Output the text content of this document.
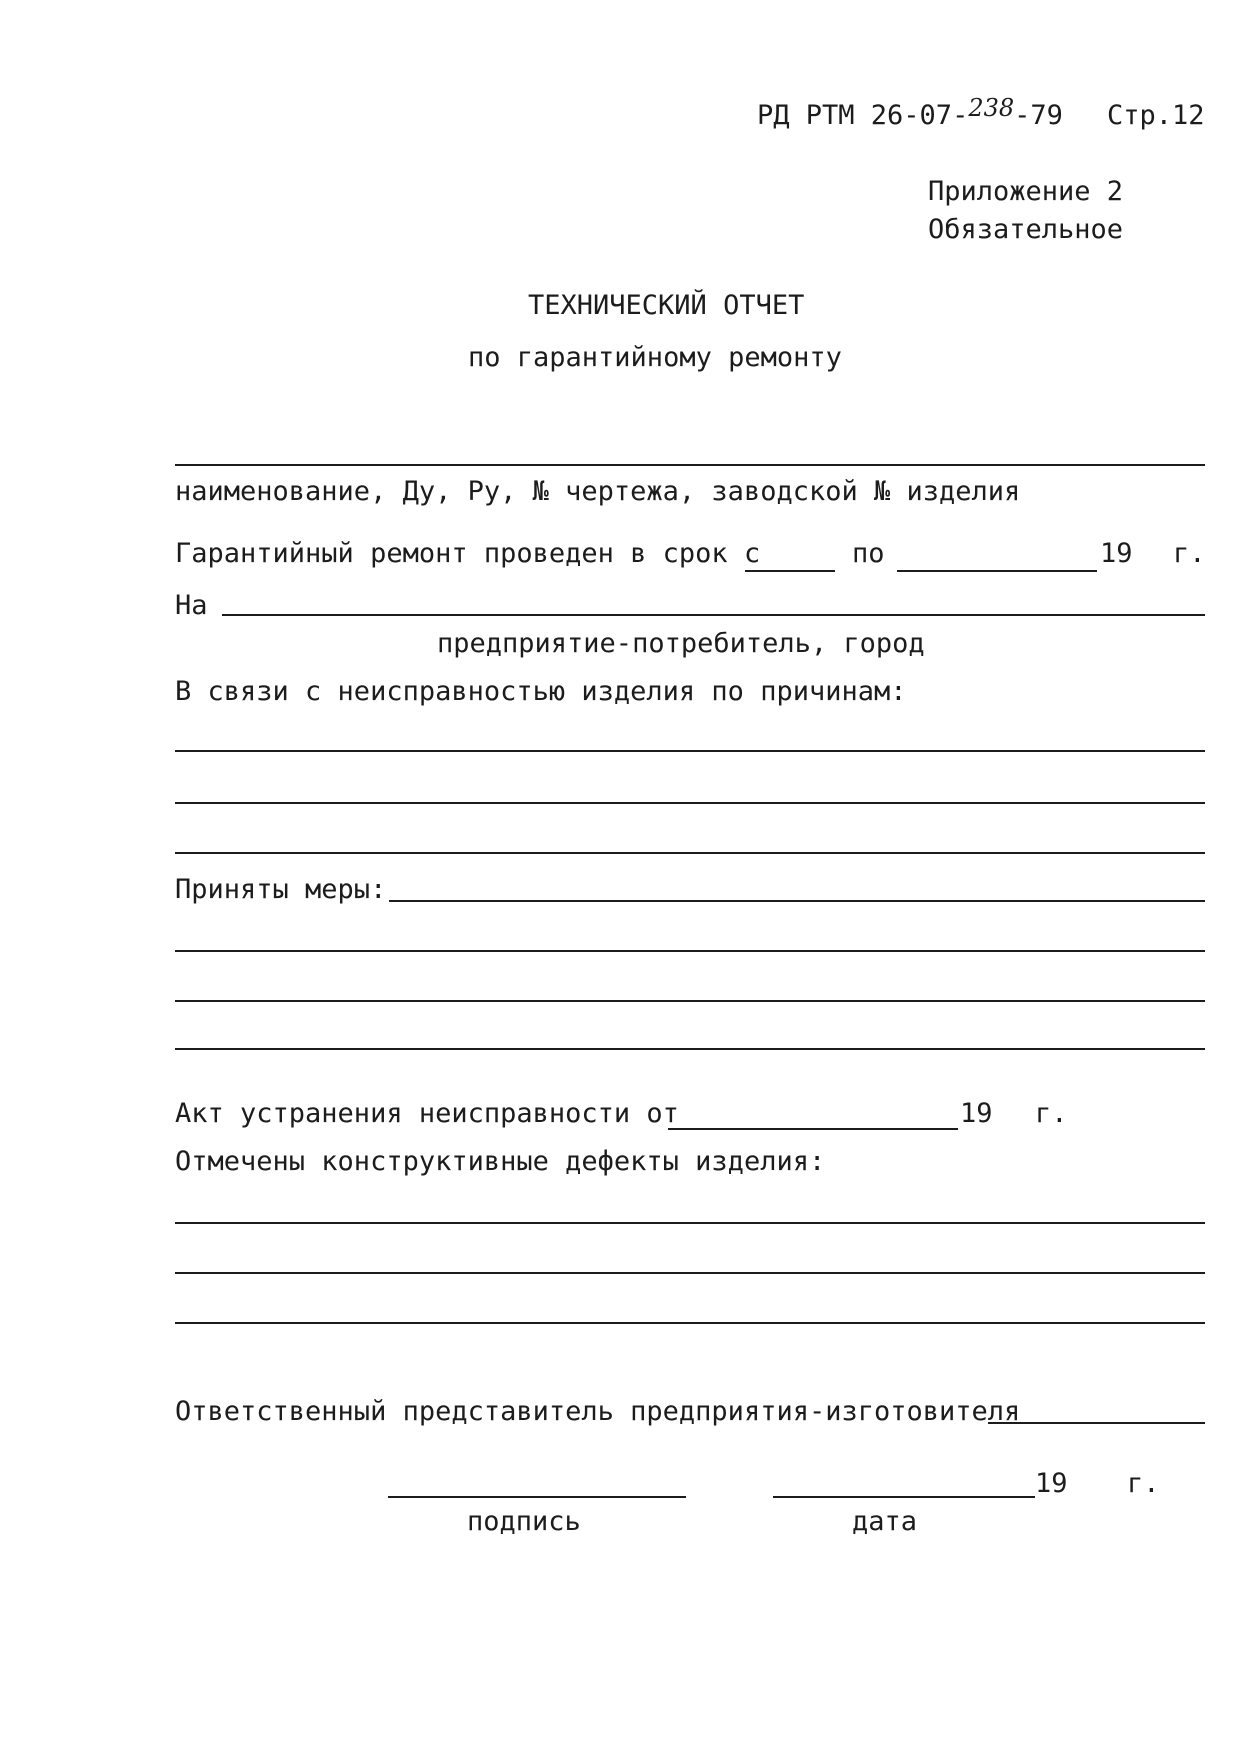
РД РТМ 26-07-238-79 Стр.12
Приложение 2
Обязательное
ТЕХНИЧЕСКИЙ ОТЧЕТ
по гарантийному ремонту
наименование, Ду, Ру, № чертежа, заводской № изделия
Гарантийный ремонт проведен в срок с	по	19 г.
На
предприятие-потребитель, город
В связи с неисправностью изделия по причинам:
Приняты меры:
Акт устранения неисправности от	19 г.
Отмечены конструктивные дефекты изделия:
Ответственный представитель предприятия-изготовителя
19 г.
подпись	дата
